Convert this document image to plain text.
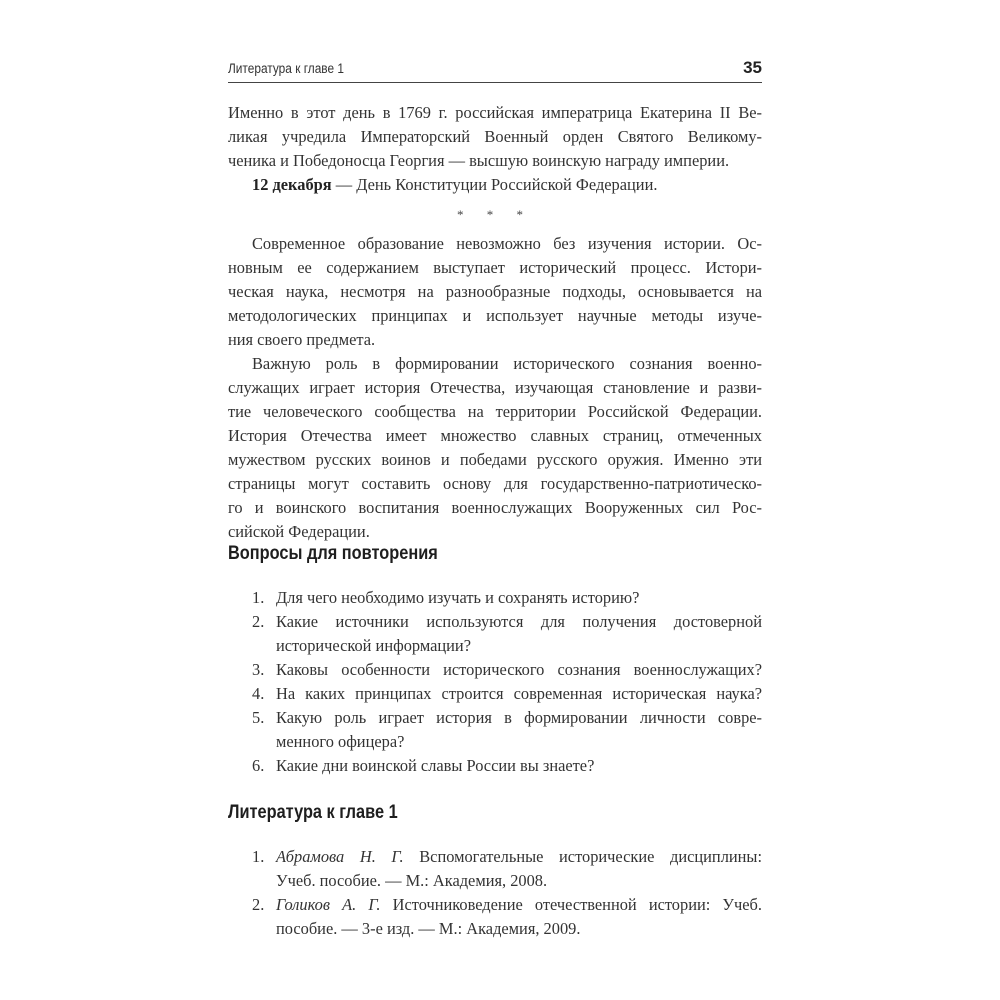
Литература к главе 1	35
Именно в этот день в 1769 г. российская императрица Екатерина II Ве-
ликая учредила Императорский Военный орден Святого Великому-
ченика и Победоносца Георгия — высшую воинскую награду империи.
12 декабря — День Конституции Российской Федерации.
* * *
Современное образование невозможно без изучения истории. Ос-
новным ее содержанием выступает исторический процесс. Истори-
ческая наука, несмотря на разнообразные подходы, основывается на
методологических принципах и использует научные методы изуче-
ния своего предмета.
Важную роль в формировании исторического сознания военно-
служащих играет история Отечества, изучающая становление и разви-
тие человеческого сообщества на территории Российской Федерации.
История Отечества имеет множество славных страниц, отмеченных
мужеством русских воинов и победами русского оружия. Именно эти
страницы могут составить основу для государственно-патриотическо-
го и воинского воспитания военнослужащих Вооруженных сил Рос-
сийской Федерации.
Вопросы для повторения
1. Для чего необходимо изучать и сохранять историю?
2. Какие источники используются для получения достоверной
исторической информации?
3. Каковы особенности исторического сознания военнослужащих?
4. На каких принципах строится современная историческая наука?
5. Какую роль играет история в формировании личности совре-
менного офицера?
6. Какие дни воинской славы России вы знаете?
Литература к главе 1
1. Абрамова Н. Г. Вспомогательные исторические дисциплины:
Учеб. пособие. — М.: Академия, 2008.
2. Голиков А. Г. Источниковедение отечественной истории: Учеб.
пособие. — 3-е изд. — М.: Академия, 2009.
